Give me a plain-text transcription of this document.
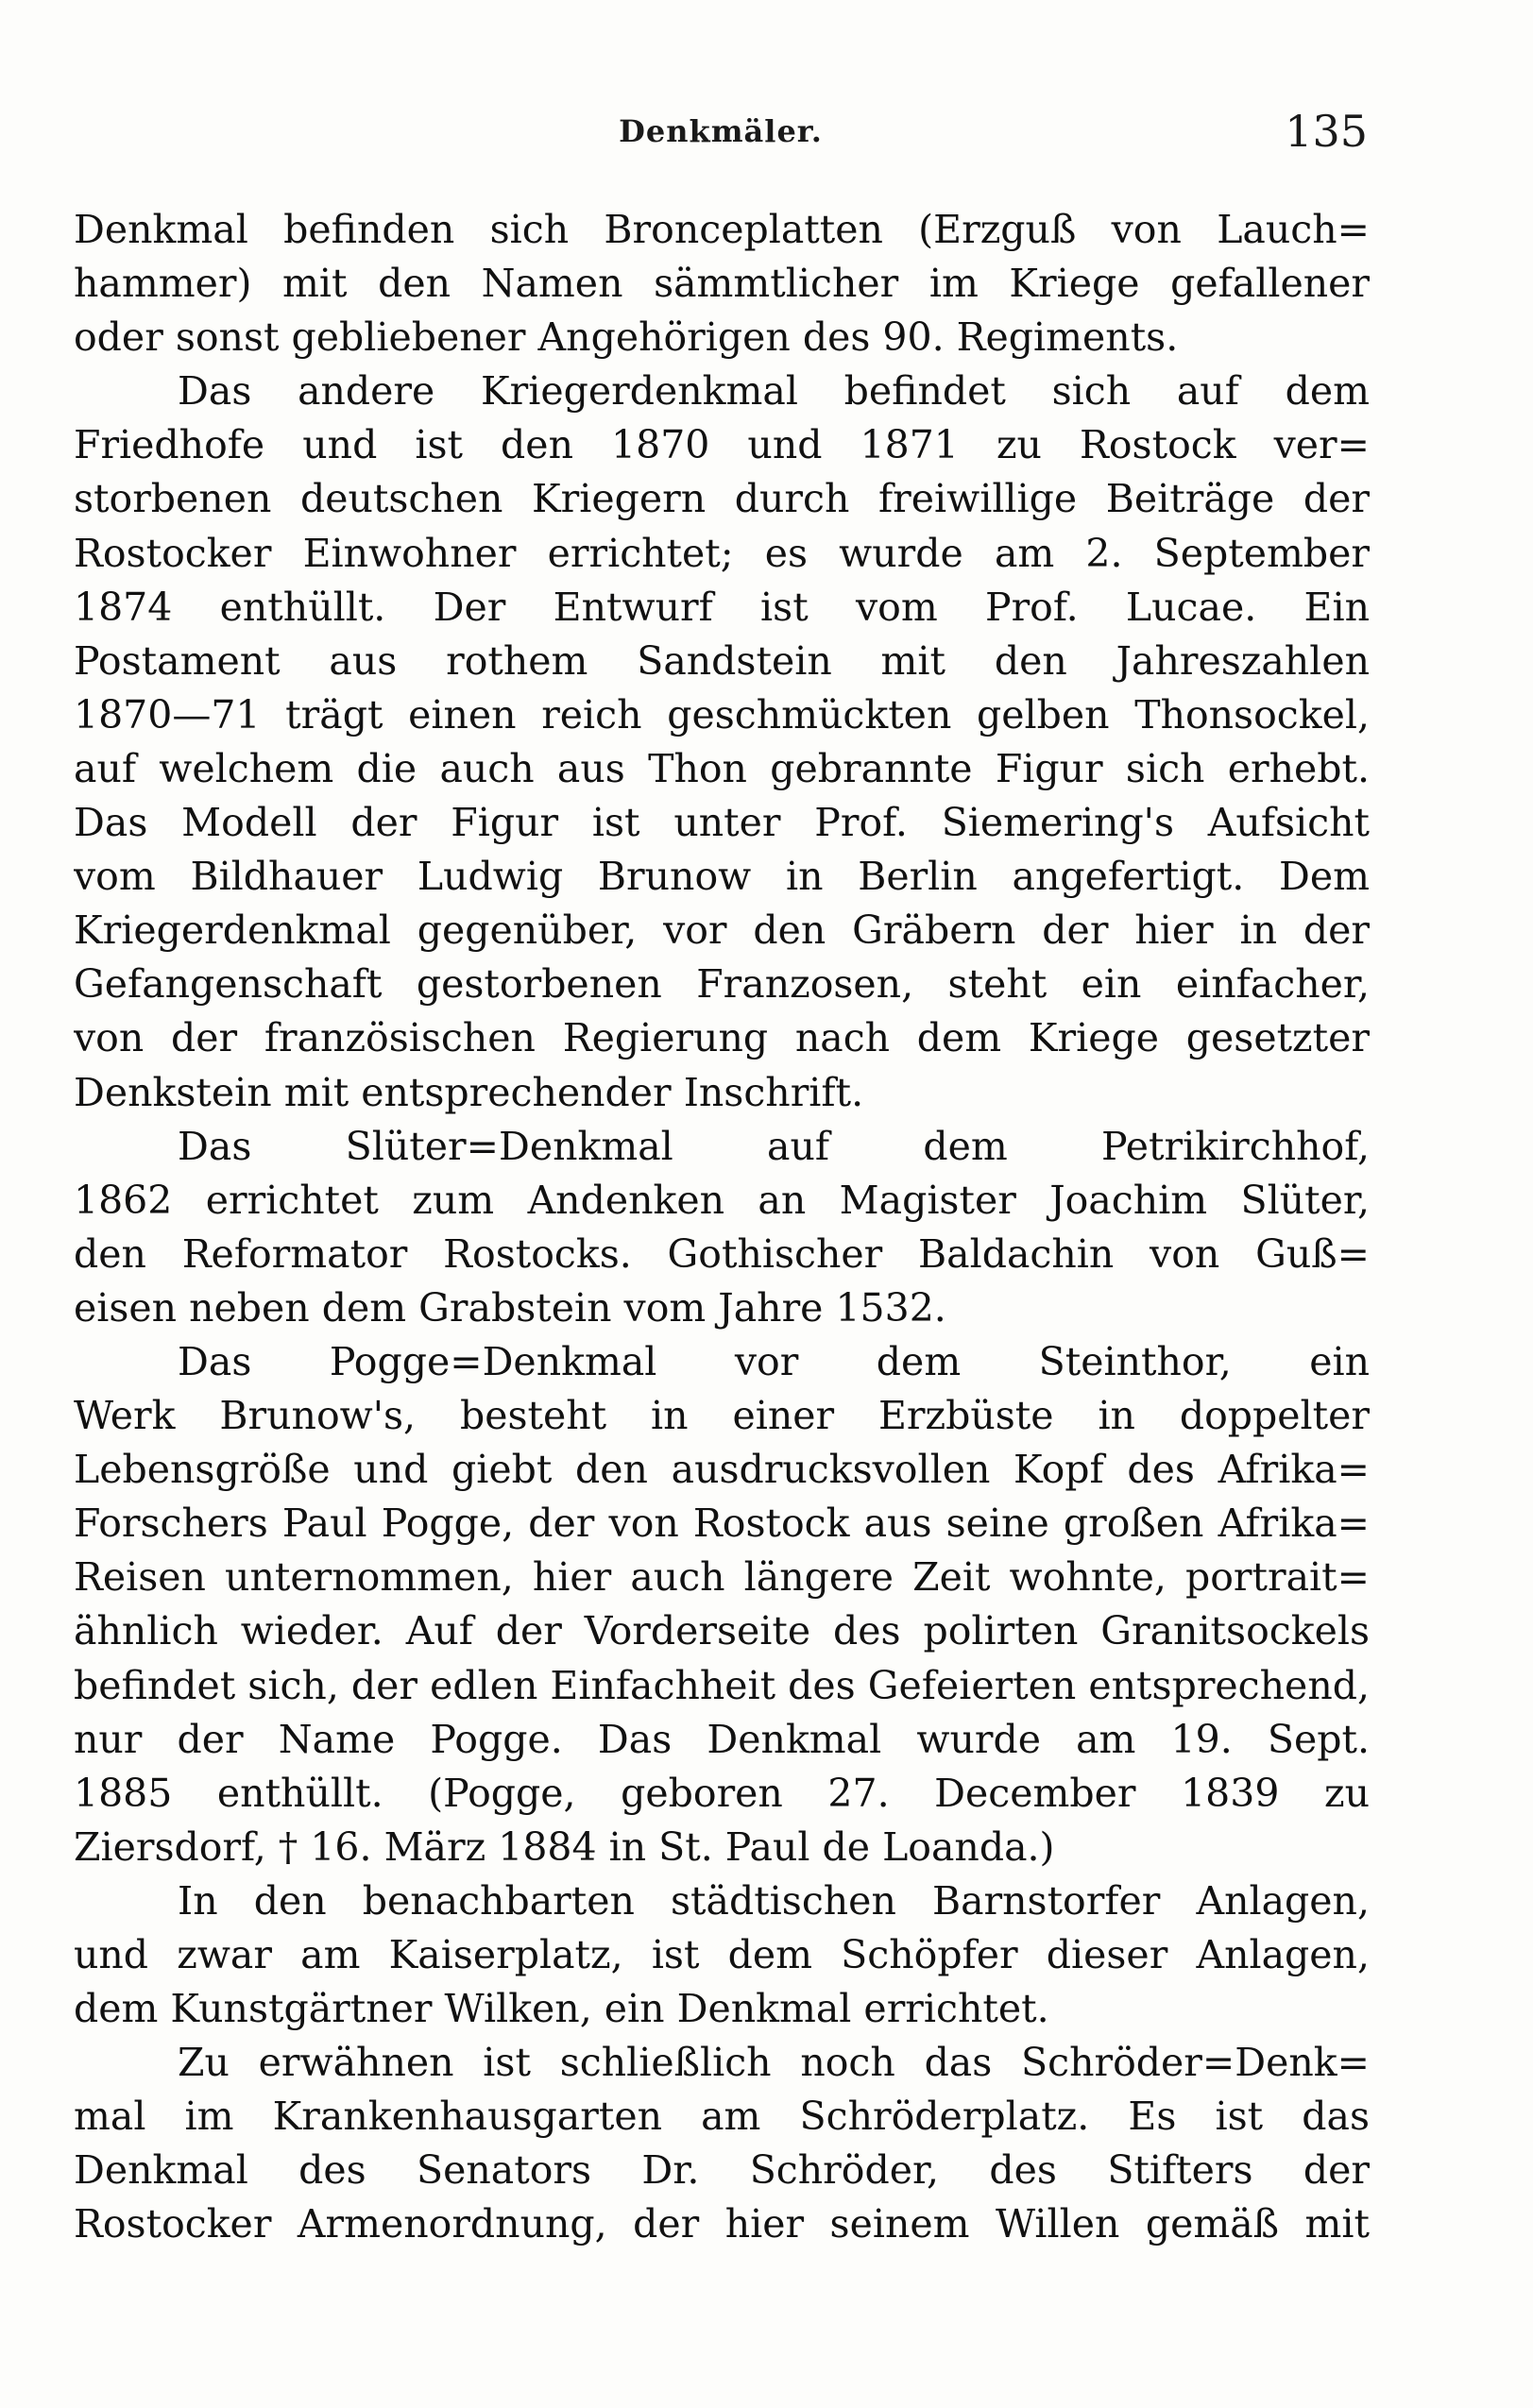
Denkmäler.	135
Denkmal befinden sich Bronceplatten (Erzguß von Lauch=
hammer) mit den Namen sämmtlicher im Kriege gefallener
oder sonst gebliebener Angehörigen des 90. Regiments.
Das andere Kriegerdenkmal befindet sich auf dem
Friedhofe und ist den 1870 und 1871 zu Rostock ver=
storbenen deutschen Kriegern durch freiwillige Beiträge der
Rostocker Einwohner errichtet; es wurde am 2. September
1874 enthüllt. Der Entwurf ist vom Prof. Lucae. Ein
Postament aus rothem Sandstein mit den Jahreszahlen
1870—71 trägt einen reich geschmückten gelben Thonsockel,
auf welchem die auch aus Thon gebrannte Figur sich erhebt.
Das Modell der Figur ist unter Prof. Siemering's Aufsicht
vom Bildhauer Ludwig Brunow in Berlin angefertigt. Dem
Kriegerdenkmal gegenüber, vor den Gräbern der hier in der
Gefangenschaft gestorbenen Franzosen, steht ein einfacher,
von der französischen Regierung nach dem Kriege gesetzter
Denkstein mit entsprechender Inschrift.
Das Slüter=Denkmal auf dem Petrikirchhof,
1862 errichtet zum Andenken an Magister Joachim Slüter,
den Reformator Rostocks. Gothischer Baldachin von Guß=
eisen neben dem Grabstein vom Jahre 1532.
Das Pogge=Denkmal vor dem Steinthor, ein
Werk Brunow's, besteht in einer Erzbüste in doppelter
Lebensgröße und giebt den ausdrucksvollen Kopf des Afrika=
Forschers Paul Pogge, der von Rostock aus seine großen Afrika=
Reisen unternommen, hier auch längere Zeit wohnte, portrait=
ähnlich wieder. Auf der Vorderseite des polirten Granitsockels
befindet sich, der edlen Einfachheit des Gefeierten entsprechend,
nur der Name Pogge. Das Denkmal wurde am 19. Sept.
1885 enthüllt. (Pogge, geboren 27. December 1839 zu
Ziersdorf, † 16. März 1884 in St. Paul de Loanda.)
In den benachbarten städtischen Barnstorfer Anlagen,
und zwar am Kaiserplatz, ist dem Schöpfer dieser Anlagen,
dem Kunstgärtner Wilken, ein Denkmal errichtet.
Zu erwähnen ist schließlich noch das Schröder=Denk=
mal im Krankenhausgarten am Schröderplatz. Es ist das
Denkmal des Senators Dr. Schröder, des Stifters der
Rostocker Armenordnung, der hier seinem Willen gemäß mit
